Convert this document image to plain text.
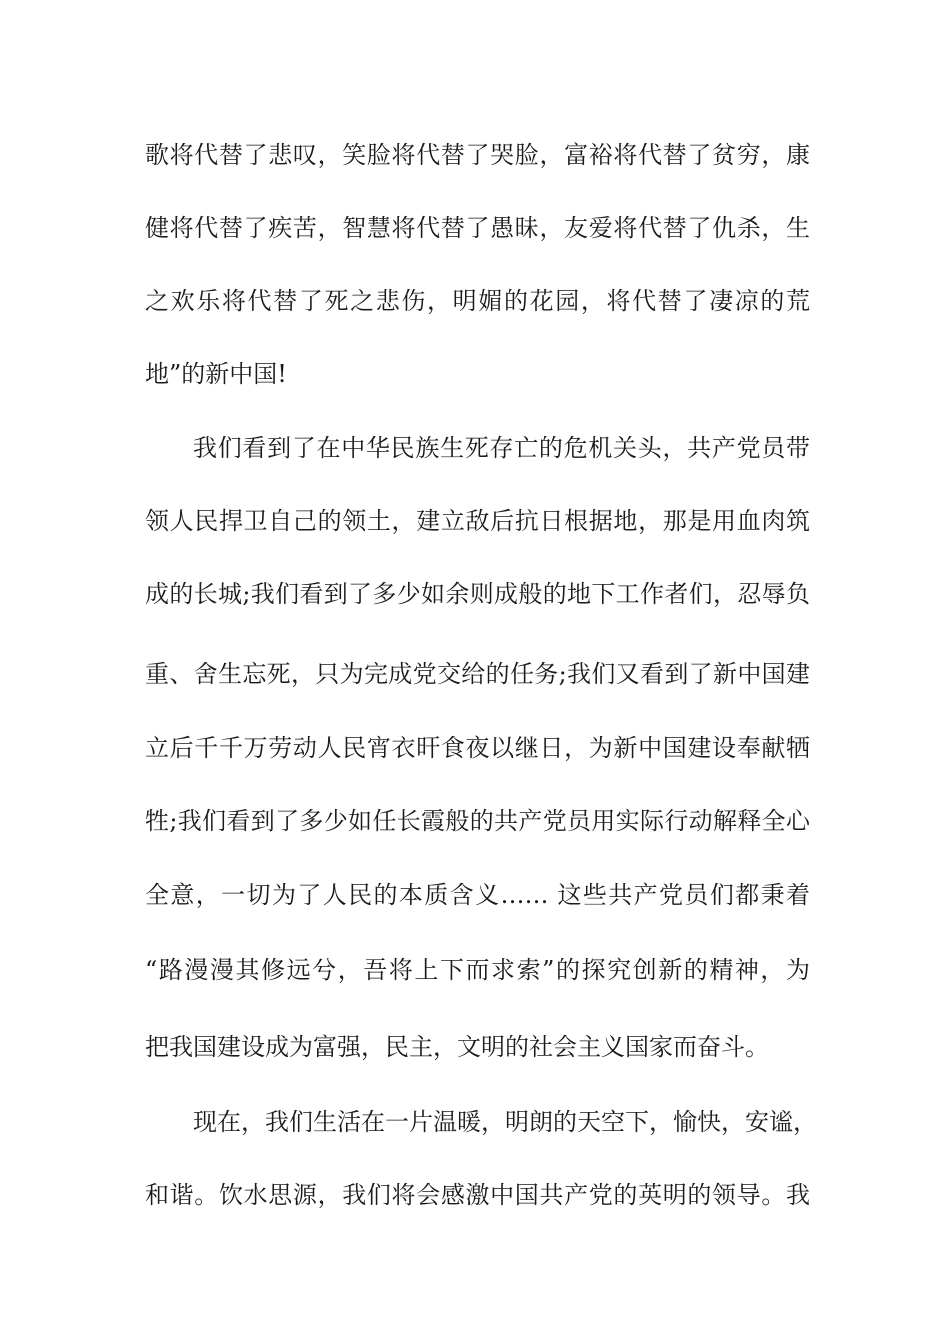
歌将代替了悲叹，笑脸将代替了哭脸，富裕将代替了贫穷，康
健将代替了疾苦，智慧将代替了愚昧，友爱将代替了仇杀，生
之欢乐将代替了死之悲伤，明媚的花园，将代替了凄凉的荒
地”的新中国!
我们看到了在中华民族生死存亡的危机关头，共产党员带
领人民捍卫自己的领土，建立敌后抗日根据地，那是用血肉筑
成的长城;我们看到了多少如余则成般的地下工作者们，忍辱负
重、舍生忘死，只为完成党交给的任务;我们又看到了新中国建
立后千千万劳动人民宵衣旰食夜以继日，为新中国建设奉献牺
牲;我们看到了多少如任长霞般的共产党员用实际行动解释全心
全意，一切为了人民的本质含义…… 这些共产党员们都秉着
“路漫漫其修远兮，吾将上下而求索”的探究创新的精神，为
把我国建设成为富强，民主，文明的社会主义国家而奋斗。
现在，我们生活在一片温暖，明朗的天空下，愉快，安谧，
和谐。饮水思源，我们将会感激中国共产党的英明的领导。我
